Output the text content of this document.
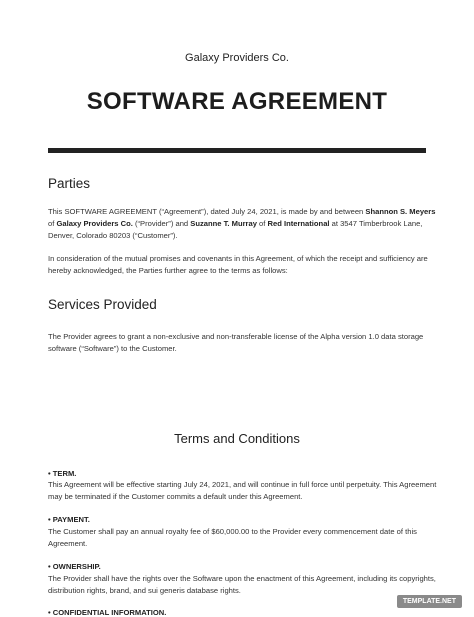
Galaxy Providers Co.
SOFTWARE AGREEMENT
Parties
This SOFTWARE AGREEMENT (“Agreement”), dated July 24, 2021, is made by and between Shannon S. Meyers of Galaxy Providers Co. (“Provider”) and Suzanne T. Murray of Red International at 3547 Timberbrook Lane, Denver, Colorado 80203 (“Customer”).
In consideration of the mutual promises and covenants in this Agreement, of which the receipt and sufficiency are hereby acknowledged, the Parties further agree to the terms as follows:
Services Provided
The Provider agrees to grant a non-exclusive and non-transferable license of the Alpha version 1.0 data storage software (“Software”) to the Customer.
Terms and Conditions
• TERM.
This Agreement will be effective starting July 24, 2021, and will continue in full force until perpetuity. This Agreement may be terminated if the Customer commits a default under this Agreement.
• PAYMENT.
The Customer shall pay an annual royalty fee of $60,000.00 to the Provider every commencement date of this Agreement.
• OWNERSHIP.
The Provider shall have the rights over the Software upon the enactment of this Agreement, including its copyrights, distribution rights, brand, and sui generis database rights.
• CONFIDENTIAL INFORMATION.
TEMPLATE.NET
